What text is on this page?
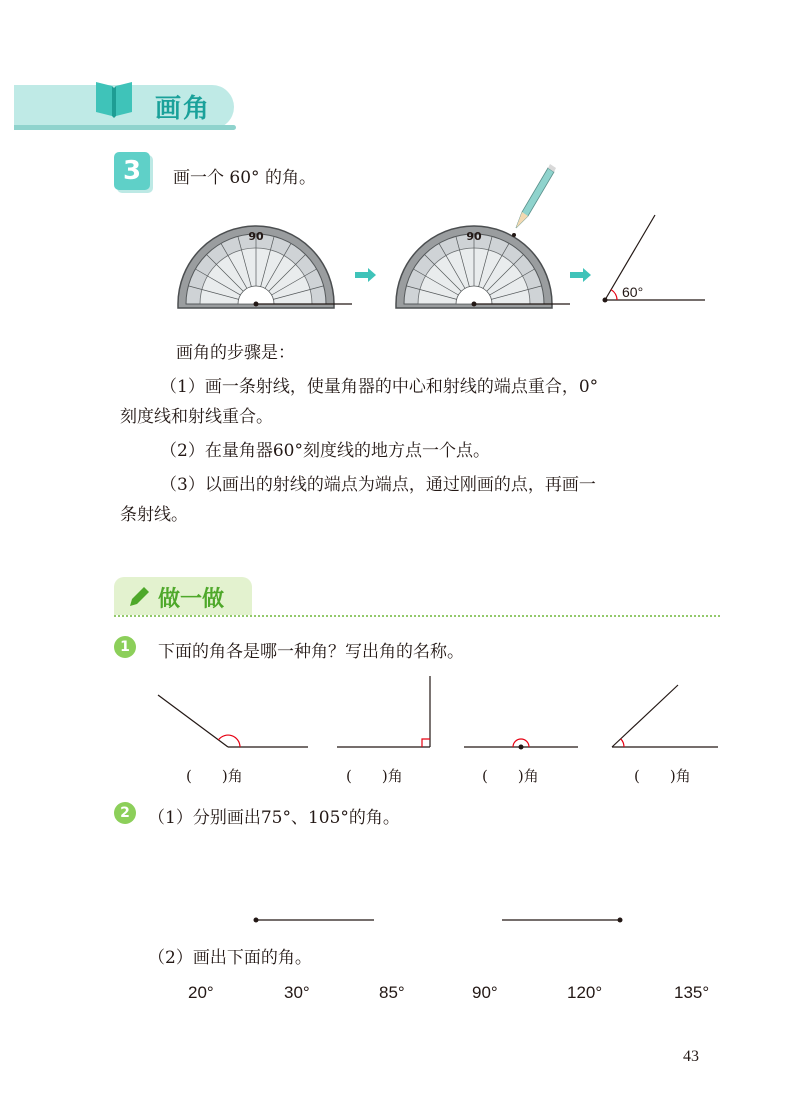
画角
3	画一个 60° 的角。
90	90
60°
画角的步骤是：
（1）画一条射线，使量角器的中心和射线的端点重合，0°
刻度线和射线重合。
（2）在量角器60°刻度线的地方点一个点。
（3）以画出的射线的端点为端点，通过刚画的点，再画一
条射线。
做一做
1	下面的角各是哪一种角？写出角的名称。
(　　)角	(　　)角	(　　)角	(　　)角
2	（1）分别画出75°、105°的角。
（2）画出下面的角。
20°	30°	85°	90°	120°	135°
43
